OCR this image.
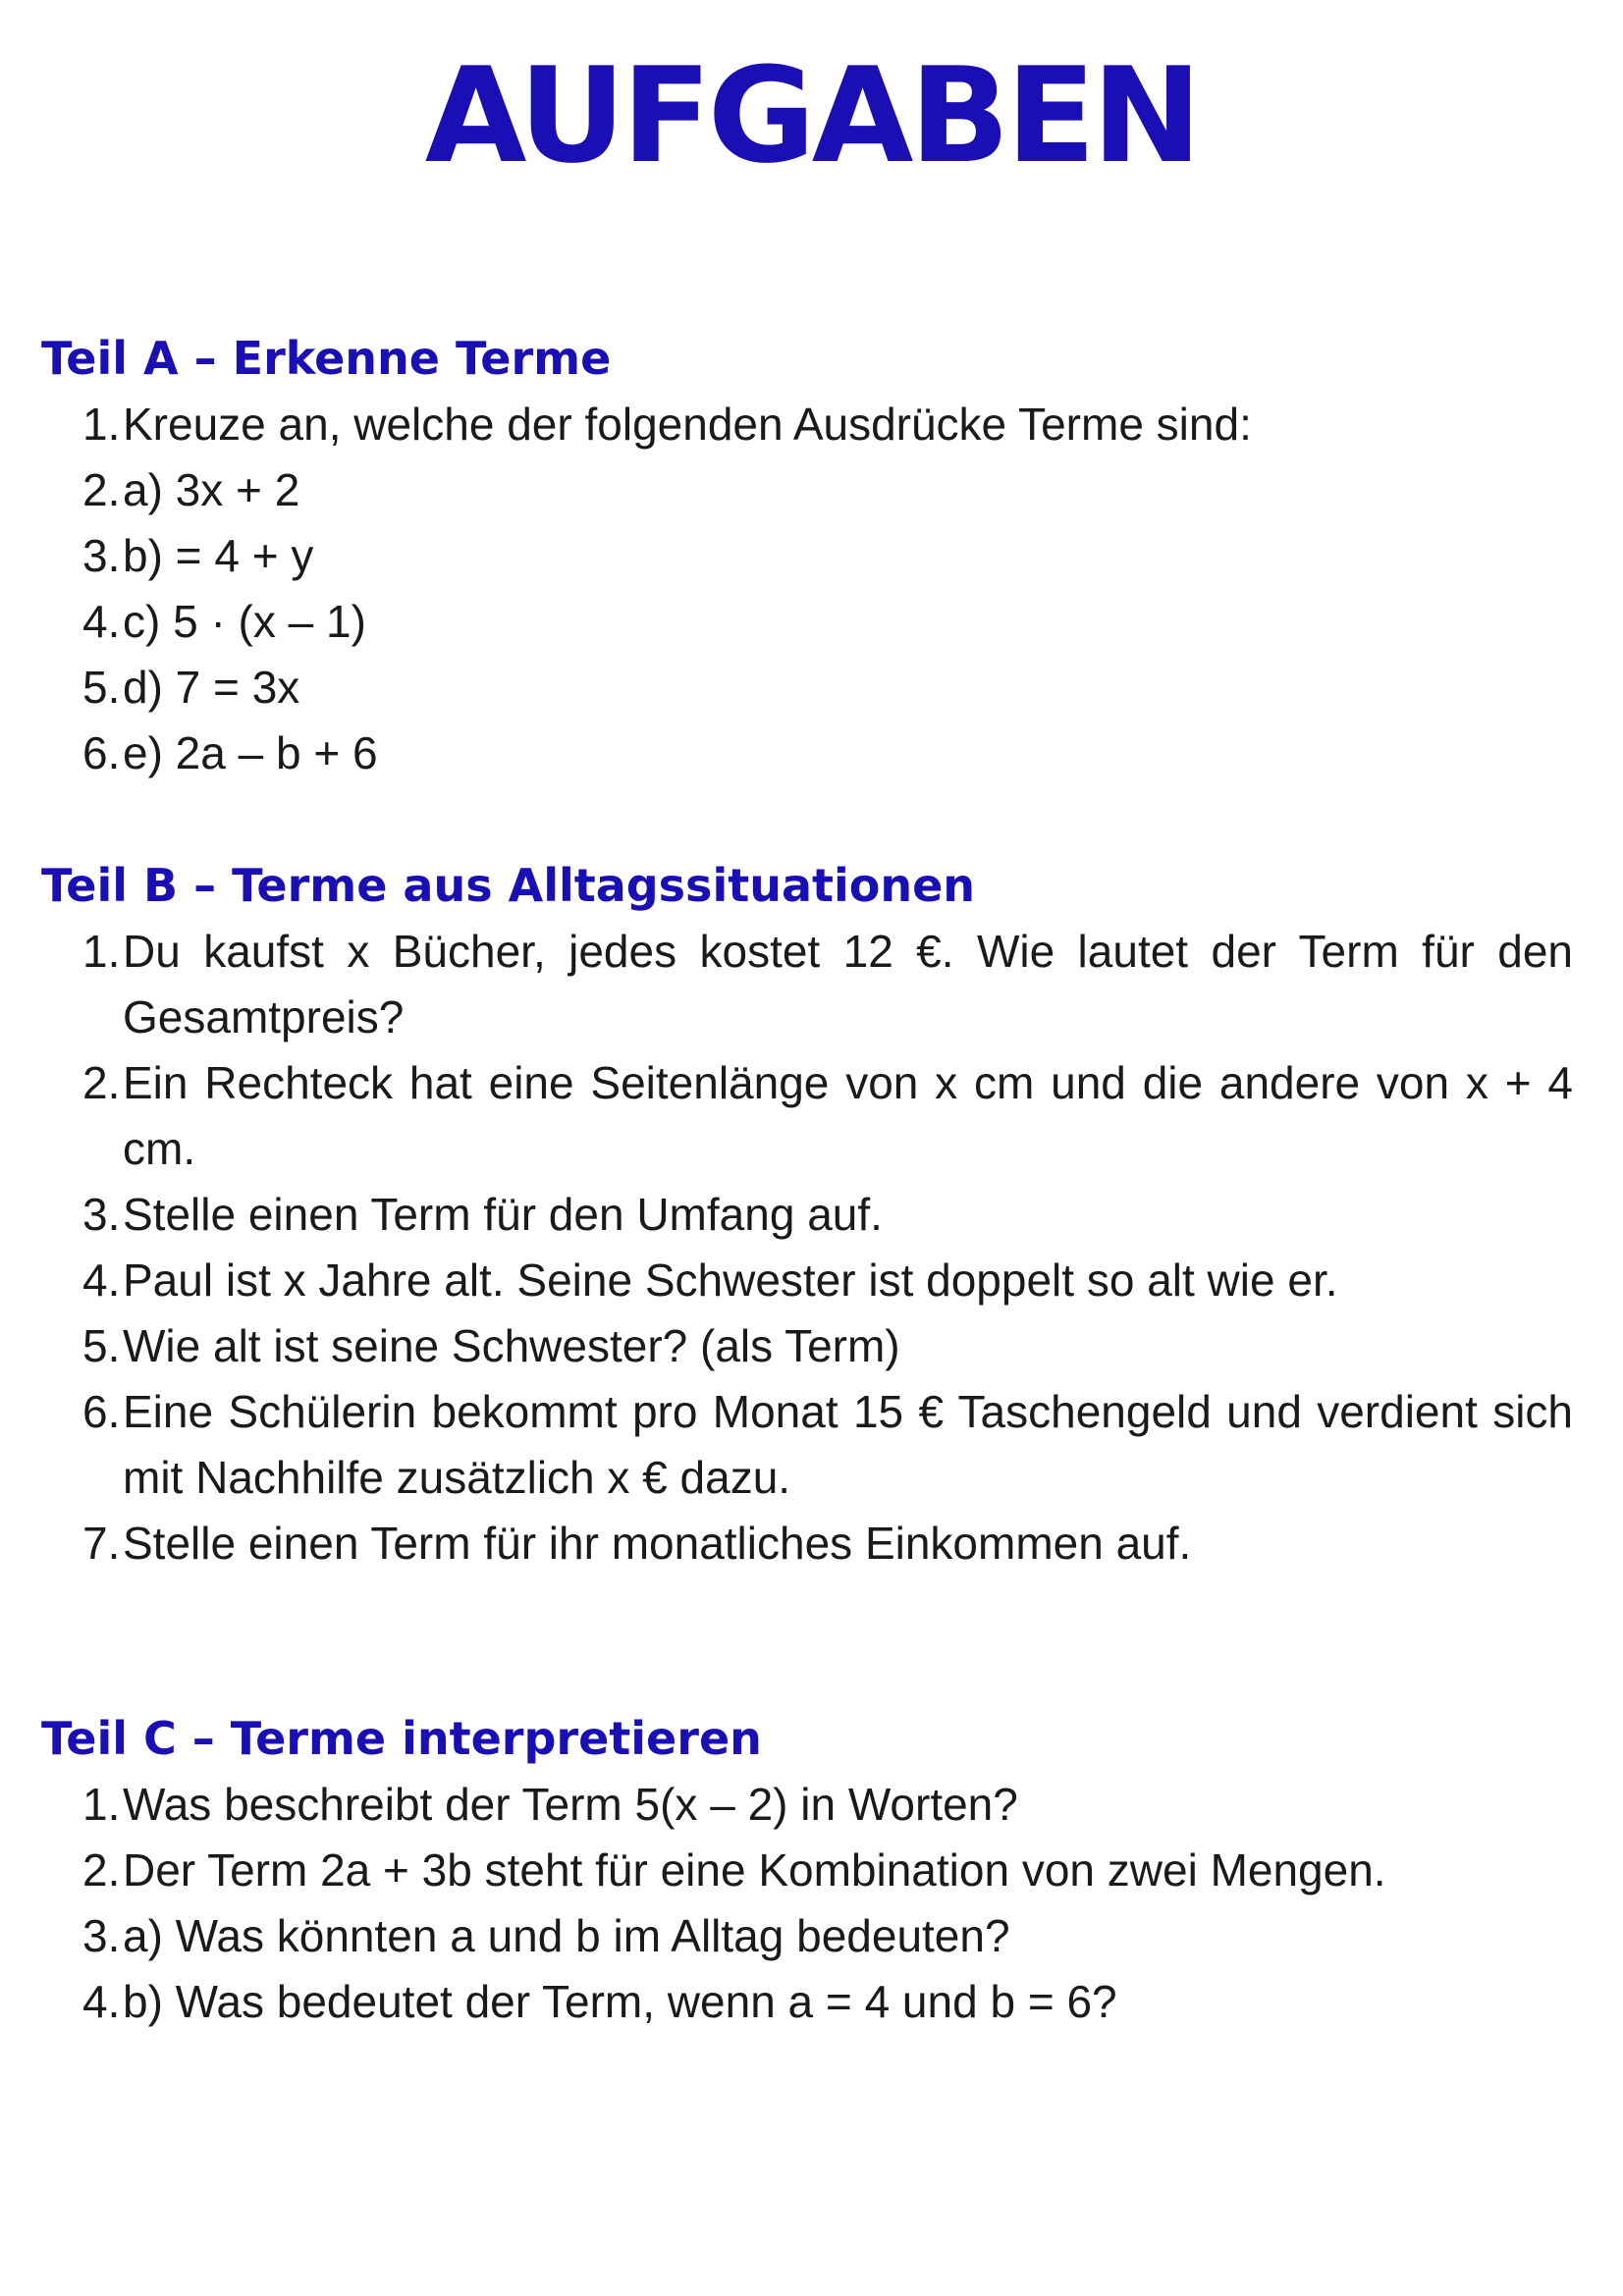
AUFGABEN
Teil A – Erkenne Terme
1. Kreuze an, welche der folgenden Ausdrücke Terme sind:
2. a) 3x + 2
3. b) = 4 + y
4. c) 5 · (x – 1)
5. d) 7 = 3x
6. e) 2a – b + 6
Teil B – Terme aus Alltagssituationen
1. Du kaufst x Bücher, jedes kostet 12 €. Wie lautet der Term für den Gesamtpreis?
2. Ein Rechteck hat eine Seitenlänge von x cm und die andere von x + 4 cm.
3. Stelle einen Term für den Umfang auf.
4. Paul ist x Jahre alt. Seine Schwester ist doppelt so alt wie er.
5. Wie alt ist seine Schwester? (als Term)
6. Eine Schülerin bekommt pro Monat 15 € Taschengeld und verdient sich mit Nachhilfe zusätzlich x € dazu.
7. Stelle einen Term für ihr monatliches Einkommen auf.
Teil C – Terme interpretieren
1. Was beschreibt der Term 5(x – 2) in Worten?
2. Der Term 2a + 3b steht für eine Kombination von zwei Mengen.
3. a) Was könnten a und b im Alltag bedeuten?
4. b) Was bedeutet der Term, wenn a = 4 und b = 6?
